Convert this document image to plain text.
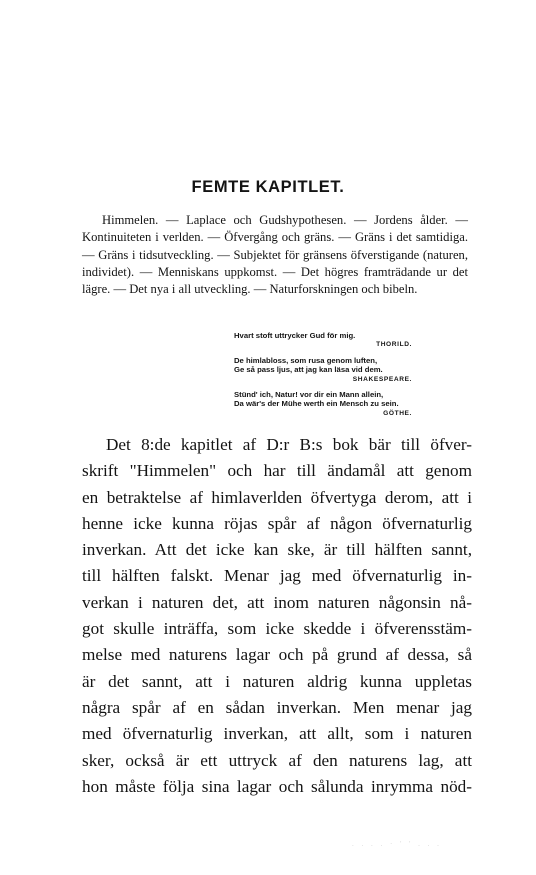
FEMTE KAPITLET.

Himmelen. — Laplace och Gudshypothesen. — Jordens ålder. — Kontinuiteten i verlden. — Öfvergång och gräns. — Gräns i det samtidiga. — Gräns i tidsutveckling. — Subjektet för gränsens öfverstigande (naturen, individet). — Menniskans uppkomst. — Det högres framträdande ur det lägre. — Det nya i all utveckling. — Naturforskningen och bibeln.

Hvart stoft uttrycker Gud för mig.
THORILD.
De himlabloss, som rusa genom luften,
Ge så pass ljus, att jag kan läsa vid dem.
SHAKESPEARE.
Stünd' ich, Natur! vor dir ein Mann allein,
Da wär's der Mühe werth ein Mensch zu sein.
GÖTHE.
Det 8:de kapitlet af D:r B:s bok bär till öfver-
skrift "Himmelen" och har till ändamål att genom
en betraktelse af himlaverlden öfvertyga derom, att i
henne icke kunna röjas spår af någon öfvernaturlig
inverkan. Att det icke kan ske, är till hälften sannt,
till hälften falskt. Menar jag med öfvernaturlig in-
verkan i naturen det, att inom naturen någonsin nå-
got skulle inträffa, som icke skedde i öfverensstäm-
melse med naturens lagar och på grund af dessa, så
är det sannt, att i naturen aldrig kunna uppletas
några spår af en sådan inverkan. Men menar jag
med öfvernaturlig inverkan, att allt, som i naturen
sker, också är ett uttryck af den naturens lag, att
hon måste följa sina lagar och sålunda inrymma nöd-
. . . . · ' ' . . .
